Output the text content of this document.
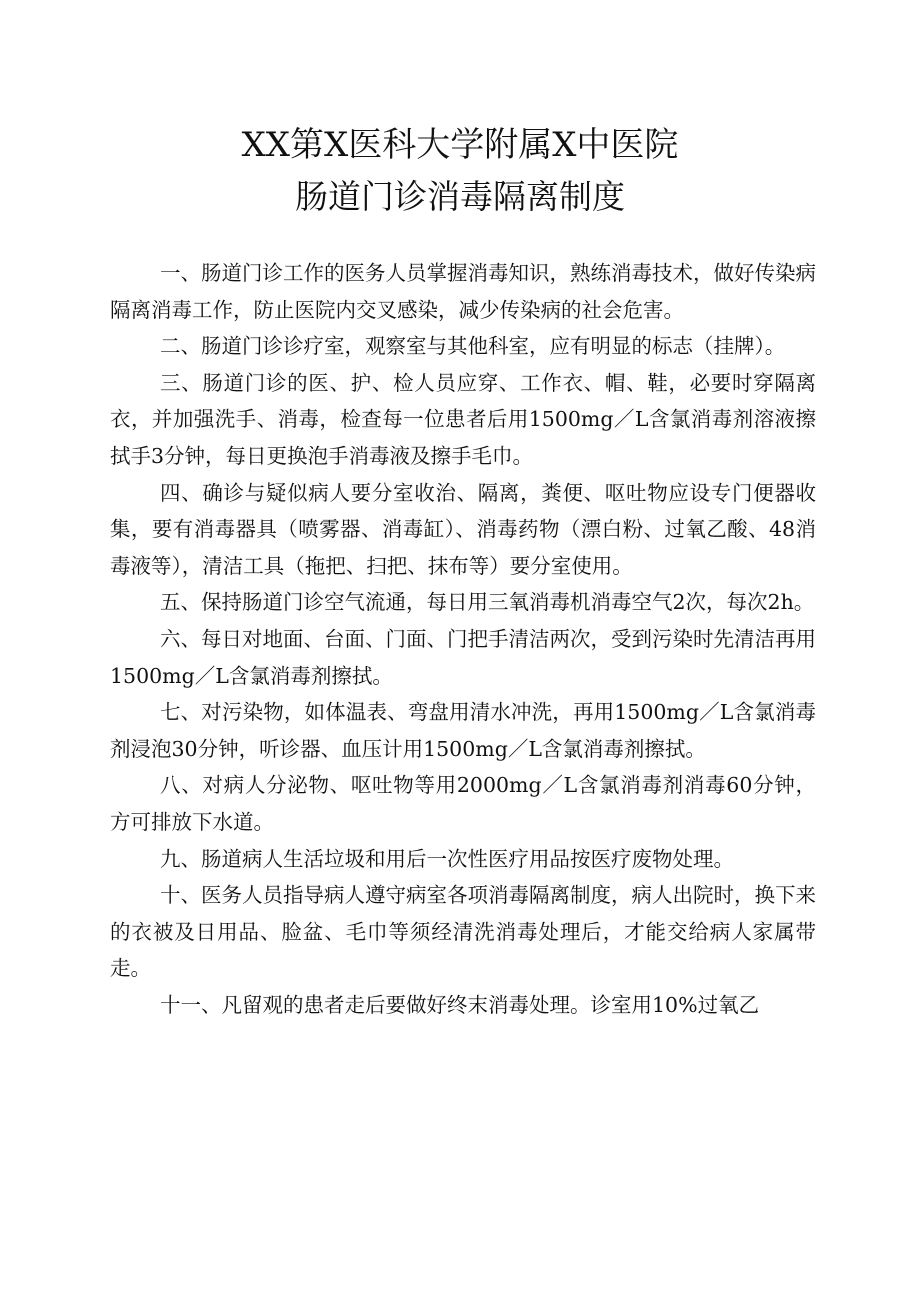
XX第X医科大学附属X中医院
肠道门诊消毒隔离制度

一、肠道门诊工作的医务人员掌握消毒知识，熟练消毒技术，做好传染病隔离消毒工作，防止医院内交叉感染，减少传染病的社会危害。

二、肠道门诊诊疗室，观察室与其他科室，应有明显的标志（挂牌）。

三、肠道门诊的医、护、检人员应穿、工作衣、帽、鞋，必要时穿隔离衣，并加强洗手、消毒，检查每一位患者后用1500mg／L含氯消毒剂溶液擦拭手3分钟，每日更换泡手消毒液及擦手毛巾。

四、确诊与疑似病人要分室收治、隔离，粪便、呕吐物应设专门便器收集，要有消毒器具（喷雾器、消毒缸）、消毒药物（漂白粉、过氧乙酸、48消毒液等），清洁工具（拖把、扫把、抹布等）要分室使用。

五、保持肠道门诊空气流通，每日用三氧消毒机消毒空气2次，每次2h。

六、每日对地面、台面、门面、门把手清洁两次，受到污染时先清洁再用1500mg／L含氯消毒剂擦拭。

七、对污染物，如体温表、弯盘用清水冲洗，再用1500mg／L含氯消毒剂浸泡30分钟，听诊器、血压计用1500mg／L含氯消毒剂擦拭。

八、对病人分泌物、呕吐物等用2000mg／L含氯消毒剂消毒60分钟，方可排放下水道。

九、肠道病人生活垃圾和用后一次性医疗用品按医疗废物处理。

十、医务人员指导病人遵守病室各项消毒隔离制度，病人出院时，换下来的衣被及日用品、脸盆、毛巾等须经清洗消毒处理后，才能交给病人家属带走。

十一、凡留观的患者走后要做好终末消毒处理。诊室用10%过氧乙
